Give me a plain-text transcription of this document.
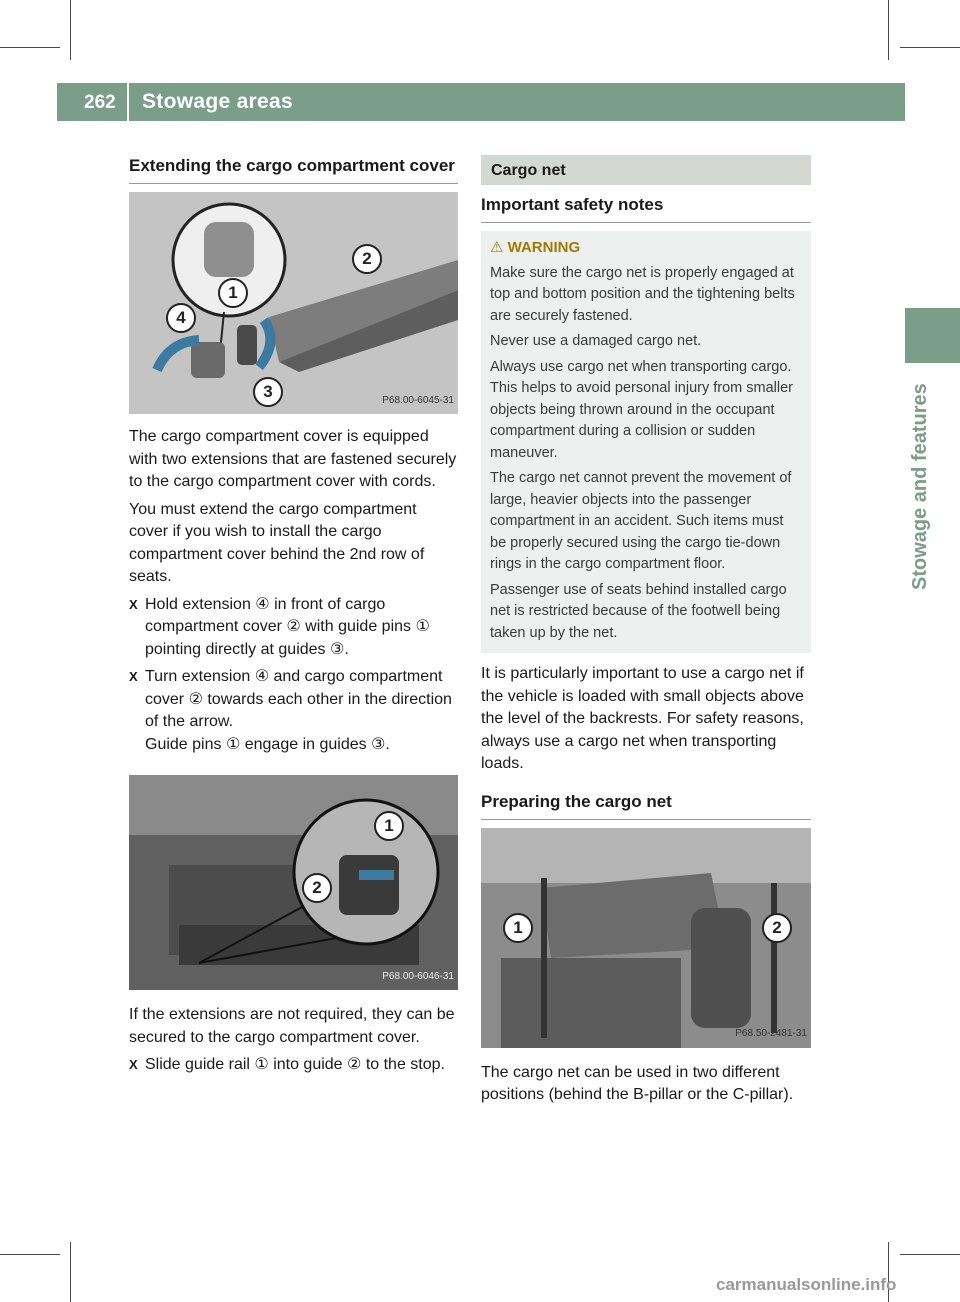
262 Stowage areas
Stowage and features
Extending the cargo compartment cover
1
2
3
4
P68.00-6045-31

The cargo compartment cover is equipped with two extensions that are fastened securely to the cargo compartment cover with cords.

You must extend the cargo compartment cover if you wish to install the cargo compartment cover behind the 2nd row of seats.

X Hold extension ④ in front of cargo compartment cover ② with guide pins ① pointing directly at guides ③.
X Turn extension ④ and cargo compartment cover ② towards each other in the direction of the arrow.
Guide pins ① engage in guides ③.
1
2
P68.00-6046-31

If the extensions are not required, they can be secured to the cargo compartment cover.

X Slide guide rail ① into guide ② to the stop.
Cargo net
Important safety notes
⚠ WARNING

Make sure the cargo net is properly engaged at top and bottom position and the tightening belts are securely fastened.

Never use a damaged cargo net.

Always use cargo net when transporting cargo. This helps to avoid personal injury from smaller objects being thrown around in the occupant compartment during a collision or sudden maneuver.

The cargo net cannot prevent the movement of large, heavier objects into the passenger compartment in an accident. Such items must be properly secured using the cargo tie-down rings in the cargo compartment floor.

Passenger use of seats behind installed cargo net is restricted because of the footwell being taken up by the net.

It is particularly important to use a cargo net if the vehicle is loaded with small objects above the level of the backrests. For safety reasons, always use a cargo net when transporting loads.

Preparing the cargo net
1	2
P68.50-2481-31

The cargo net can be used in two different positions (behind the B-pillar or the C-pillar).

carmanualsonline.info
